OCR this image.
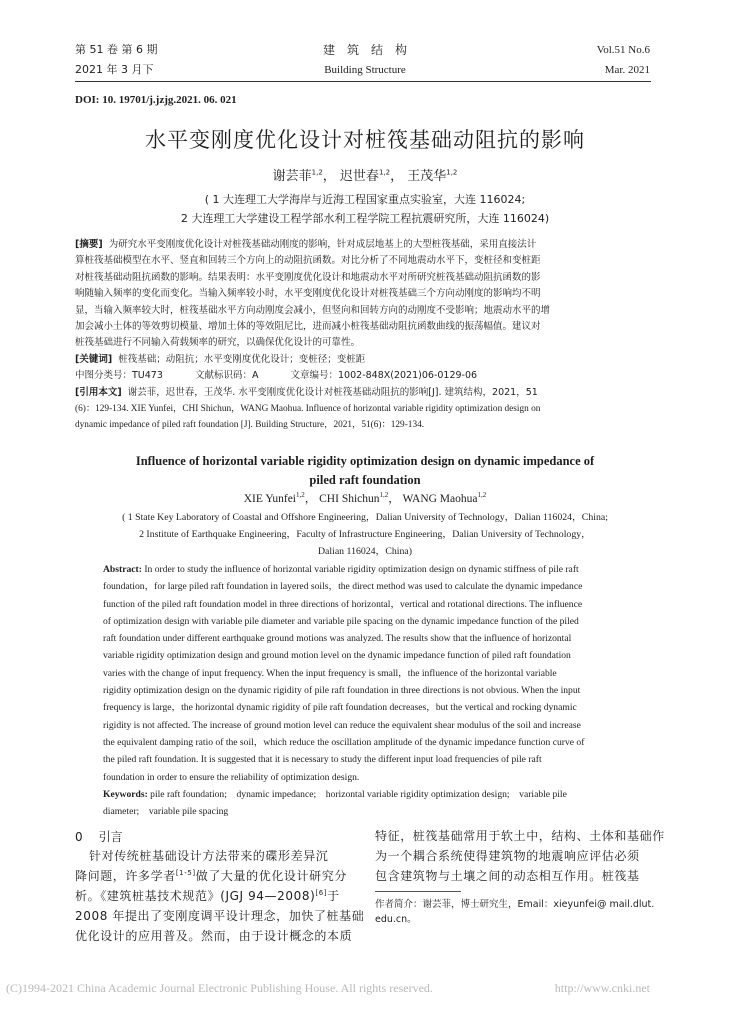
第 51 卷 第 6 期
2021 年 3 月下
建　筑　结　构
Building Structure
Vol.51 No.6
Mar. 2021
DOI: 10. 19701/j.jzjg.2021. 06. 021
水平变刚度优化设计对桩筏基础动阻抗的影响
谢芸菲$^{1,2}$， 迟世春$^{1,2}$， 王茂华$^{1,2}$
( 1 大连理工大学海岸与近海工程国家重点实验室，大连 116024;
2 大连理工大学建设工程学部水利工程学院工程抗震研究所，大连 116024)
[摘要] 为研究水平变刚度优化设计对桩筏基础动刚度的影响，针对成层地基上的大型桩筏基础，采用直接法计
算桩筏基础模型在水平、竖直和回转三个方向上的动阻抗函数。对比分析了不同地震动水平下，变桩径和变桩距
对桩筏基础动阻抗函数的影响。结果表明：水平变刚度优化设计和地震动水平对所研究桩筏基础动阻抗函数的影
响随输入频率的变化而变化。当输入频率较小时，水平变刚度优化设计对桩筏基础三个方向动刚度的影响均不明
显，当输入频率较大时，桩筏基础水平方向动刚度会减小，但竖向和回转方向的动刚度不受影响；地震动水平的增
加会减小土体的等效剪切模量、增加土体的等效阻尼比，进而减小桩筏基础动阻抗函数曲线的振荡幅值。建议对
桩筏基础进行不同输入荷载频率的研究，以确保优化设计的可靠性。
[关键词] 桩筏基础；动阻抗；水平变刚度优化设计；变桩径；变桩距
中图分类号：TU473	文献标识码：A	文章编号：1002-848X(2021)06-0129-06
[引用本文] 谢芸菲，迟世春，王茂华. 水平变刚度优化设计对桩筏基础动阻抗的影响[J]. 建筑结构，2021，51
(6)：129-134. XIE Yunfei，CHI Shichun，WANG Maohua. Influence of horizontal variable rigidity optimization design on
dynamic impedance of piled raft foundation [J]. Building Structure，2021，51(6)：129-134.
Influence of horizontal variable rigidity optimization design on dynamic impedance of
piled raft foundation
XIE Yunfei$^{1,2}$， CHI Shichun$^{1,2}$， WANG Maohua$^{1,2}$
( 1 State Key Laboratory of Coastal and Offshore Engineering，Dalian University of Technology，Dalian 116024，China;
2 Institute of Earthquake Engineering，Faculty of Infrastructure Engineering，Dalian University of Technology，
Dalian 116024，China)
Abstract: In order to study the influence of horizontal variable rigidity optimization design on dynamic stiffness of pile raft
foundation，for large piled raft foundation in layered soils，the direct method was used to calculate the dynamic impedance
function of the piled raft foundation model in three directions of horizontal，vertical and rotational directions. The influence
of optimization design with variable pile diameter and variable pile spacing on the dynamic impedance function of the piled
raft foundation under different earthquake ground motions was analyzed. The results show that the influence of horizontal
variable rigidity optimization design and ground motion level on the dynamic impedance function of piled raft foundation
varies with the change of input frequency. When the input frequency is small，the influence of the horizontal variable
rigidity optimization design on the dynamic rigidity of pile raft foundation in three directions is not obvious. When the input
frequency is large，the horizontal dynamic rigidity of pile raft foundation decreases，but the vertical and rocking dynamic
rigidity is not affected. The increase of ground motion level can reduce the equivalent shear modulus of the soil and increase
the equivalent damping ratio of the soil，which reduce the oscillation amplitude of the dynamic impedance function curve of
the piled raft foundation. It is suggested that it is necessary to study the different input load frequencies of pile raft
foundation in order to ensure the reliability of optimization design.
Keywords: pile raft foundation;　dynamic impedance;　horizontal variable rigidity optimization design;　variable pile
diameter;　variable pile spacing
0 引言
针对传统桩基础设计方法带来的碟形差异沉
降问题，许多学者[1-5]做了大量的优化设计研究分
析。《建筑桩基技术规范》(JGJ 94—2008)[6]于
2008 年提出了变刚度调平设计理念，加快了桩基础
优化设计的应用普及。然而，由于设计概念的本质
特征，桩筏基础常用于软土中，结构、土体和基础作
为一个耦合系统使得建筑物的地震响应评估必须
包含建筑物与土壤之间的动态相互作用。桩筏基
作者简介：谢芸菲，博士研究生，Email：xieyunfei@ mail.dlut.
edu.cn。
(C)1994-2021 China Academic Journal Electronic Publishing House. All rights reserved.	http://www.cnki.net
